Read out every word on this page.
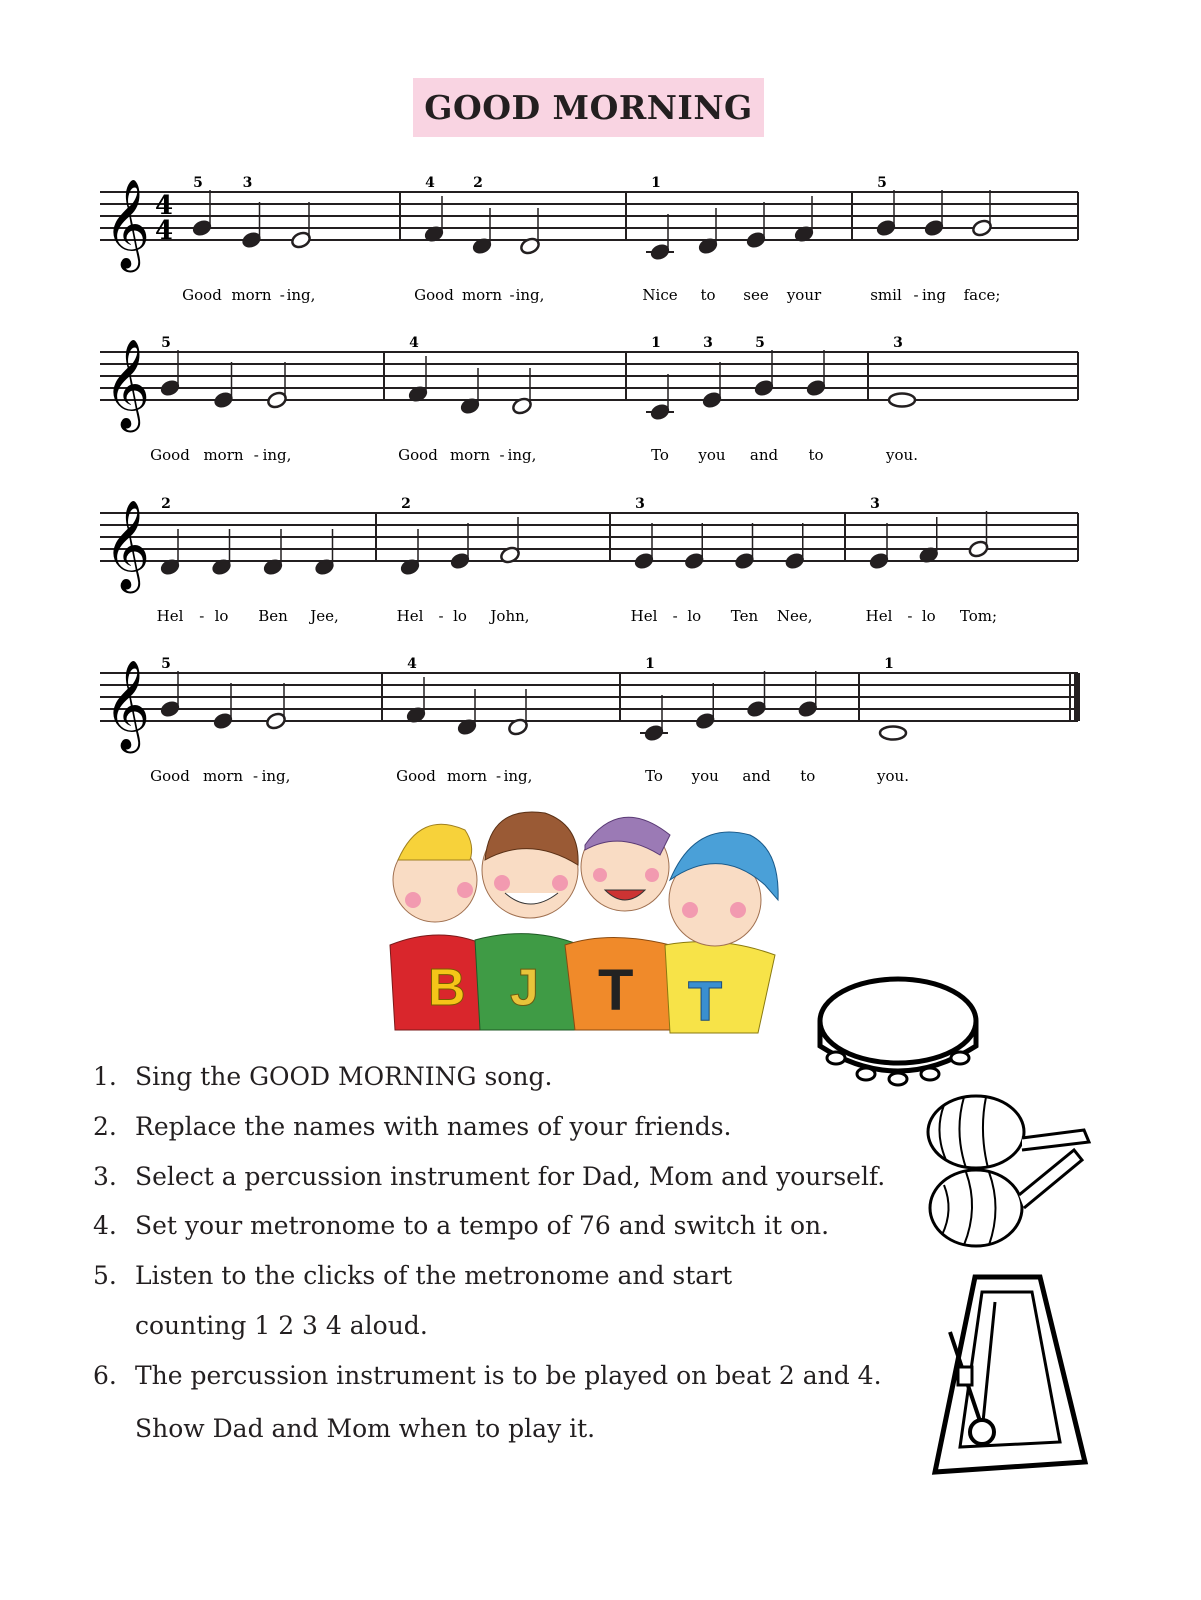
GOOD MORNING
𝄞 4
4
5
Good
3
morn ing,
-
4
Good
2
morn ing,
-
1
Nice to see your
5
smil ing
-	face;
𝄞 5
Good morn ing,
-
4
Good morn ing,
-
1
To
3
you
5
and to
3
you.
𝄞 2
Hel lo
-	Ben Jee,
2
Hel lo
-	John,
3
Hel lo
-	Ten Nee,
3
Hel lo
-	Tom;
𝄞 5
Good morn ing,
-
4
Good morn ing,
-
1
To you and to
1
you.
B J T T
1. Sing the GOOD MORNING song.
2. Replace the names with names of your friends.
3. Select a percussion instrument for Dad, Mom and yourself.
4. Set your metronome to a tempo of 76 and switch it on.
5. Listen to the clicks of the metronome and start
counting 1 2 3 4 aloud.
6. The percussion instrument is to be played on beat 2 and 4.
Show Dad and Mom when to play it.
